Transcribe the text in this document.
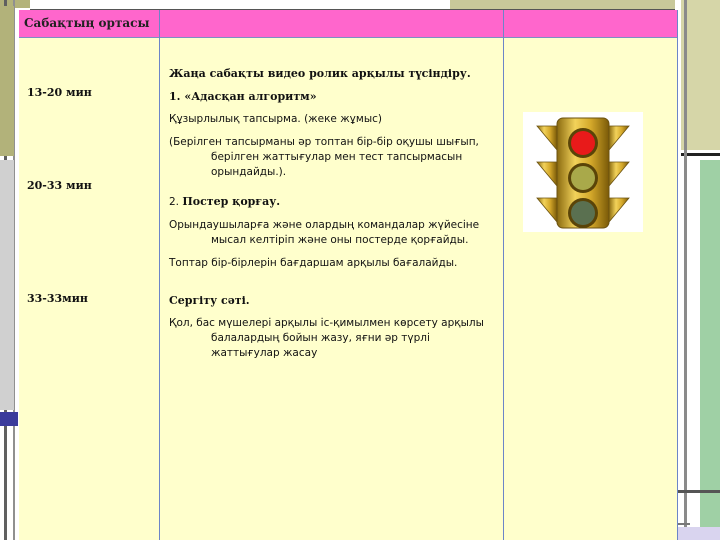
Сабақтың ортасы
13-20 мин
20-33 мин
33-33мин

Жаңа сабақты видео ролик арқылы түсіндіру.

1. «Адасқан алгоритм»

Құзырлылық тапсырма. (жеке жұмыс)

(Берілген тапсырманы әр топтан бір-бір оқушы шығып, берілген жаттығулар мен тест тапсырмасын орындайды.).

2. Постер қорғау.

Орындаушыларға және олардың командалар жүйесіне мысал келтіріп және оны постерде қорғайды.

Топтар бір-бірлерін бағдаршам арқылы бағалайды.

Сергіту сәті.

Қол, бас мүшелері арқылы іс-қимылмен көрсету арқылы балалардың бойын жазу, яғни әр түрлі жаттығулар жасау
